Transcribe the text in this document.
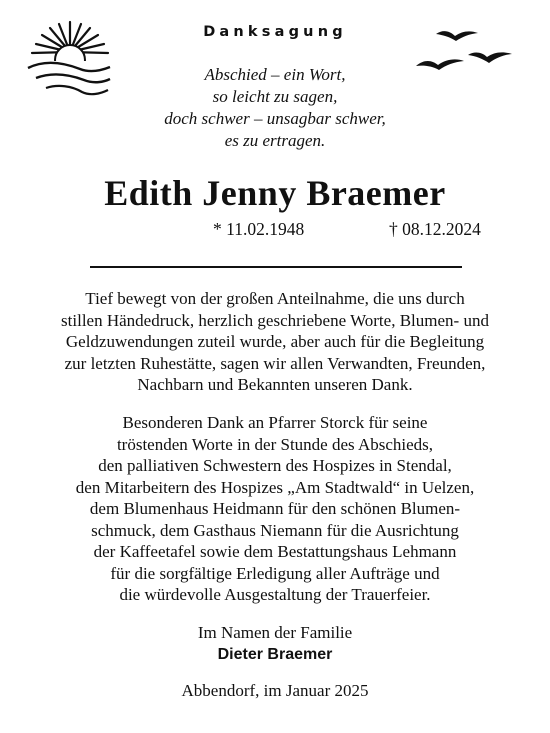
Danksagung
Abschied – ein Wort,
so leicht zu sagen,
doch schwer – unsagbar schwer,
es zu ertragen.
Edith Jenny Braemer
* 11.02.1948	† 08.12.2024
Tief bewegt von der großen Anteilnahme, die uns durch
stillen Händedruck, herzlich geschriebene Worte, Blumen- und
Geldzuwendungen zuteil wurde, aber auch für die Begleitung
zur letzten Ruhestätte, sagen wir allen Verwandten, Freunden,
Nachbarn und Bekannten unseren Dank.
Besonderen Dank an Pfarrer Storck für seine
tröstenden Worte in der Stunde des Abschieds,
den palliativen Schwestern des Hospizes in Stendal,
den Mitarbeitern des Hospizes „Am Stadtwald“ in Uelzen,
dem Blumenhaus Heidmann für den schönen Blumen-
schmuck, dem Gasthaus Niemann für die Ausrichtung
der Kaffeetafel sowie dem Bestattungshaus Lehmann
für die sorgfältige Erledigung aller Aufträge und
die würdevolle Ausgestaltung der Trauerfeier.
Im Namen der Familie
Dieter Braemer
Abbendorf, im Januar 2025
